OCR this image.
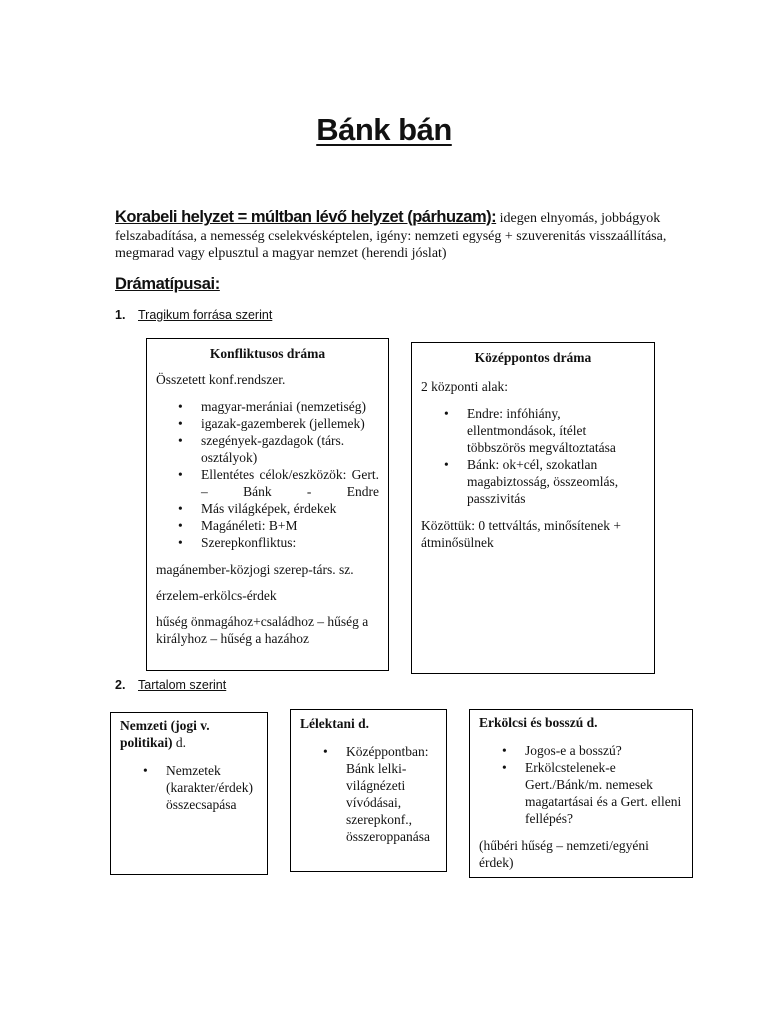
Bánk bán
Korabeli helyzet = múltban lévő helyzet (párhuzam): idegen elnyomás, jobbágyok felszabadítása, a nemesség cselekvésképtelen, igény: nemzeti egység + szuverenitás visszaállítása, megmarad vagy elpusztul a magyar nemzet (herendi jóslat)
Drámatípusai:
1. Tragikum forrása szerint
Konfliktusos dráma

Összetett konf.rendszer.

• magyar-merániai (nemzetiség)
• igazak-gazemberek (jellemek)
• szegények-gazdagok (társ. osztályok)
• Ellentétes célok/eszközök: Gert. – Bánk - Endre
• Más világképek, érdekek
• Magánéleti: B+M
• Szerepkonfliktus:

magánember-közjogi szerep-társ. sz.

érzelem-erkölcs-érdek

hűség önmagához+családhoz – hűség a királyhoz – hűség a hazához

Középpontos dráma

2 központi alak:

• Endre: infóhiány, ellentmondások, ítélet többszörös megváltoztatása
• Bánk: ok+cél, szokatlan magabiztosság, összeomlás, passzivitás

Közöttük: 0 tettváltás, minősítenek + átminősülnek

2. Tartalom szerint
Nemzeti (jogi v. politikai) d.
• Nemzetek (karakter/érdek) összecsapása
Lélektani d.
• Középpontban: Bánk lelki-világnézeti vívódásai, szerepkonf., összeroppanása
Erkölcsi és bosszú d.
• Jogos-e a bosszú?
• Erkölcstelenek-e Gert./Bánk/m. nemesek magatartásai és a Gert. elleni fellépés?

(hűbéri hűség – nemzeti/egyéni érdek)
